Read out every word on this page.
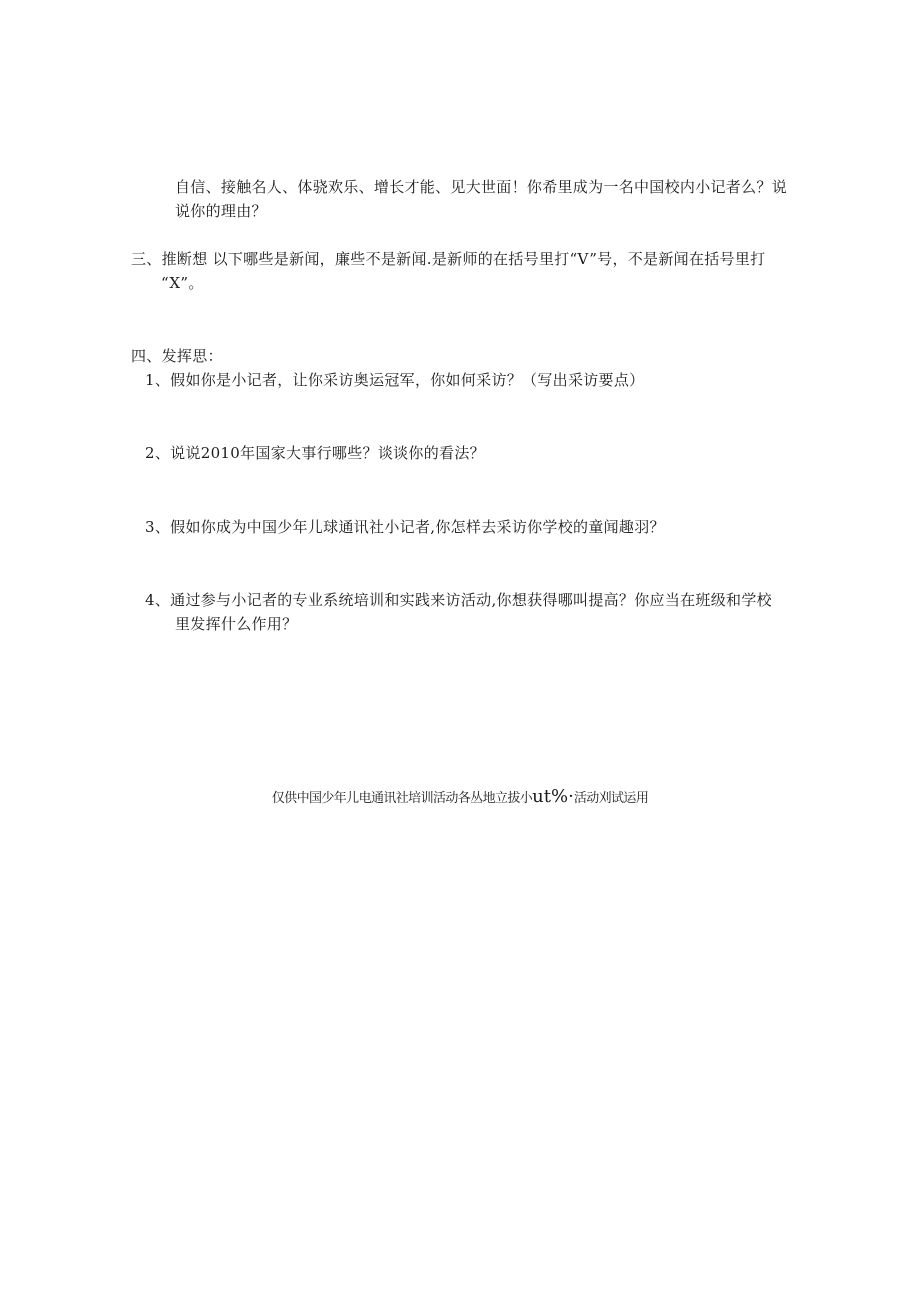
自信、接触名人、体骁欢乐、增长才能、见大世面！你希里成为一名中国校内小记者么？说
说你的理由？
三、推断想 以下哪些是新闻，廉些不是新闻.是新师的在括号里打“V”号，不是新闻在括号里打
“X”。
四、发挥思：
1、假如你是小记者，让你采访奥运冠军，你如何采访？（写出采访要点）
2、说说2010年国家大事行哪些？谈谈你的看法？
3、假如你成为中国少年儿球通讯社小记者,你怎样去采访你学校的童闻趣羽？
4、通过参与小记者的专业系统培训和实践来访活动,你想获得哪叫提高？你应当在班级和学校
里发挥什么作用？
仅供中国少年儿电通讯社培训活动各丛地立拔小ut%·活动刈试运用
